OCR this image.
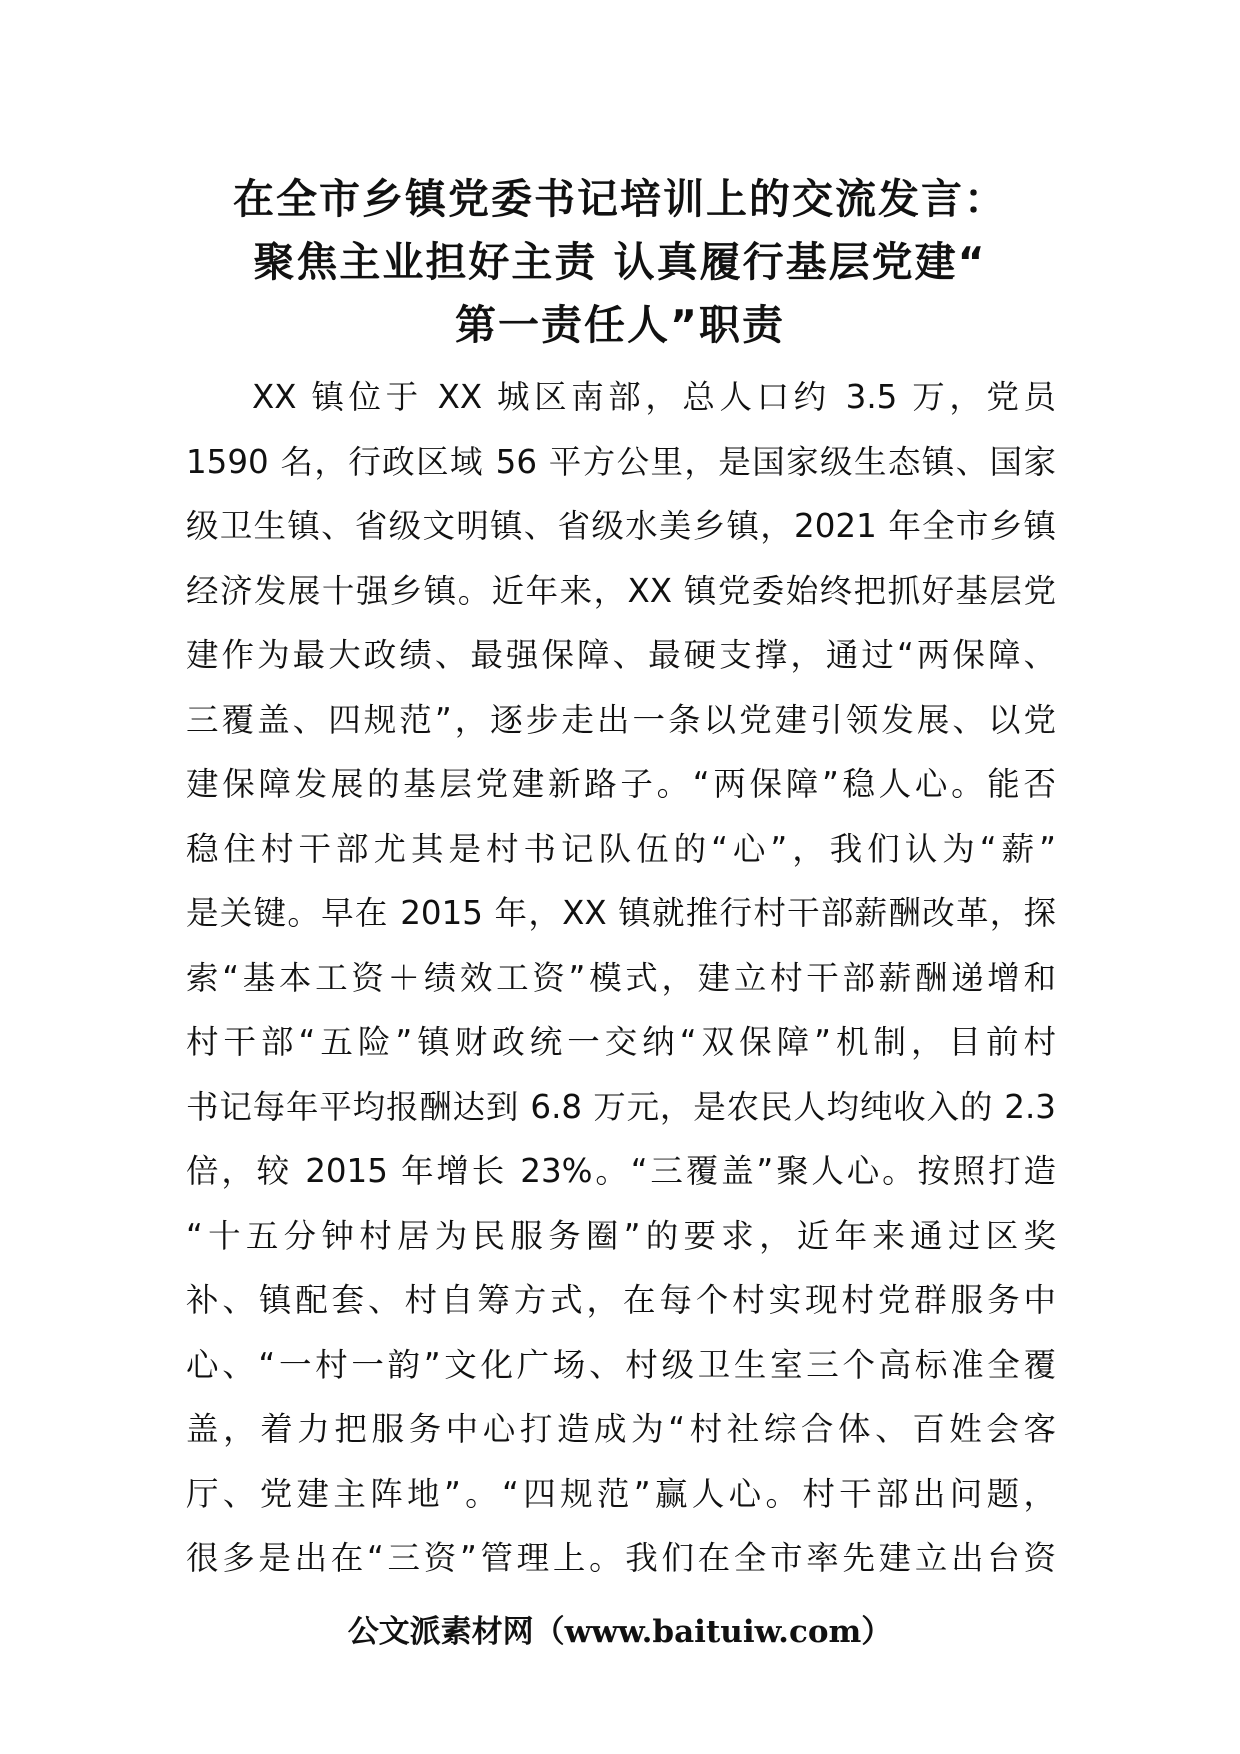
在全市乡镇党委书记培训上的交流发言：
聚焦主业担好主责 认真履行基层党建“
第一责任人”职责
XX 镇位于 XX 城区南部，总人口约 3.5 万，党员
1590 名，行政区域 56 平方公里，是国家级生态镇、国家
级卫生镇、省级文明镇、省级水美乡镇，2021 年全市乡镇
经济发展十强乡镇。近年来，XX 镇党委始终把抓好基层党
建作为最大政绩、最强保障、最硬支撑，通过“两保障、
三覆盖、四规范”，逐步走出一条以党建引领发展、以党
建保障发展的基层党建新路子。“两保障”稳人心。能否
稳住村干部尤其是村书记队伍的“心”，我们认为“薪”
是关键。早在 2015 年，XX 镇就推行村干部薪酬改革，探
索“基本工资＋绩效工资”模式，建立村干部薪酬递增和
村干部“五险”镇财政统一交纳“双保障”机制，目前村
书记每年平均报酬达到 6.8 万元，是农民人均纯收入的 2.3
倍，较 2015 年增长 23%。“三覆盖”聚人心。按照打造
“十五分钟村居为民服务圈”的要求，近年来通过区奖
补、镇配套、村自筹方式，在每个村实现村党群服务中
心、“一村一韵”文化广场、村级卫生室三个高标准全覆
盖，着力把服务中心打造成为“村社综合体、百姓会客
厅、党建主阵地”。“四规范”赢人心。村干部出问题，
很多是出在“三资”管理上。我们在全市率先建立出台资
公文派素材网（www.baituiw.com）
